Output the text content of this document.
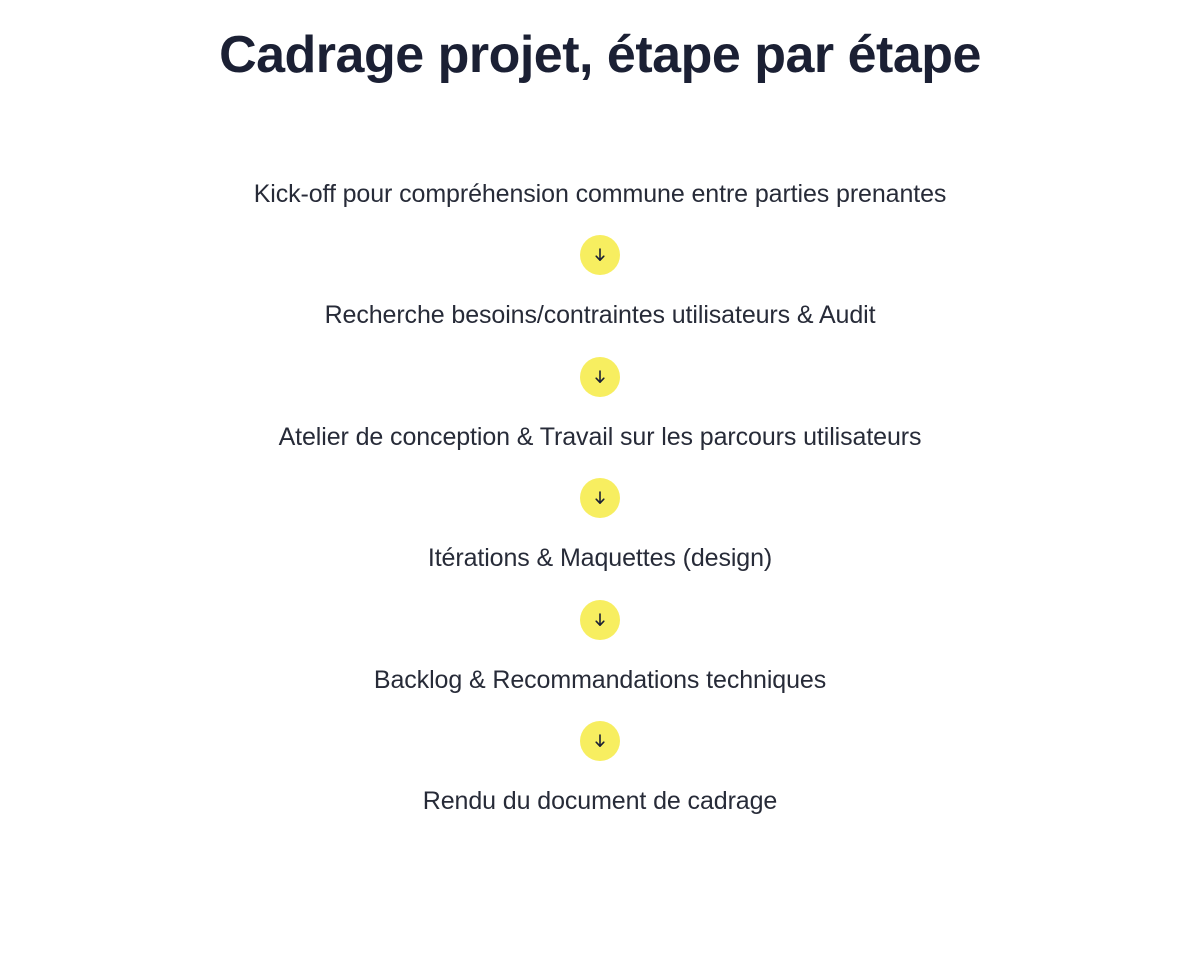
Cadrage projet, étape par étape
Kick-off pour compréhension commune entre parties prenantes
Recherche besoins/contraintes utilisateurs & Audit
Atelier de conception & Travail sur les parcours utilisateurs
Itérations & Maquettes (design)
Backlog & Recommandations techniques
Rendu du document de cadrage
